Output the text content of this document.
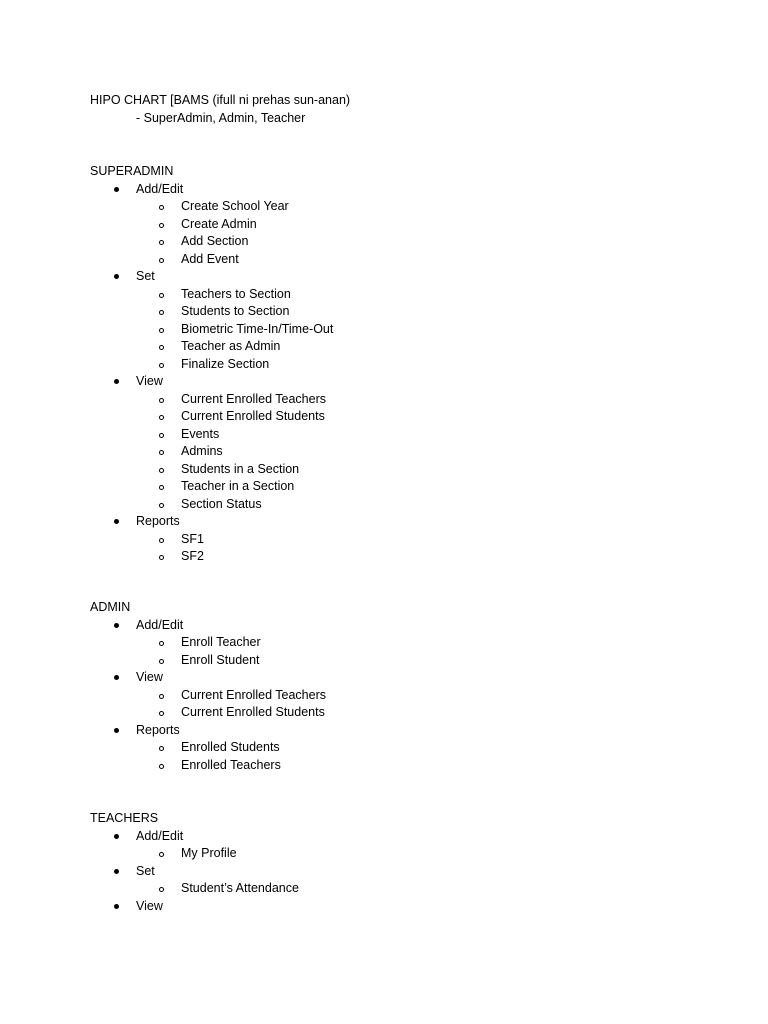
HIPO CHART [BAMS (ifull ni prehas sun-anan)
- SuperAdmin, Admin, Teacher
SUPERADMIN
Add/Edit
Create School Year
Create Admin
Add Section
Add Event
Set
Teachers to Section
Students to Section
Biometric Time-In/Time-Out
Teacher as Admin
Finalize Section
View
Current Enrolled Teachers
Current Enrolled Students
Events
Admins
Students in a Section
Teacher in a Section
Section Status
Reports
SF1
SF2
ADMIN
Add/Edit
Enroll Teacher
Enroll Student
View
Current Enrolled Teachers
Current Enrolled Students
Reports
Enrolled Students
Enrolled Teachers
TEACHERS
Add/Edit
My Profile
Set
Student’s Attendance
View
